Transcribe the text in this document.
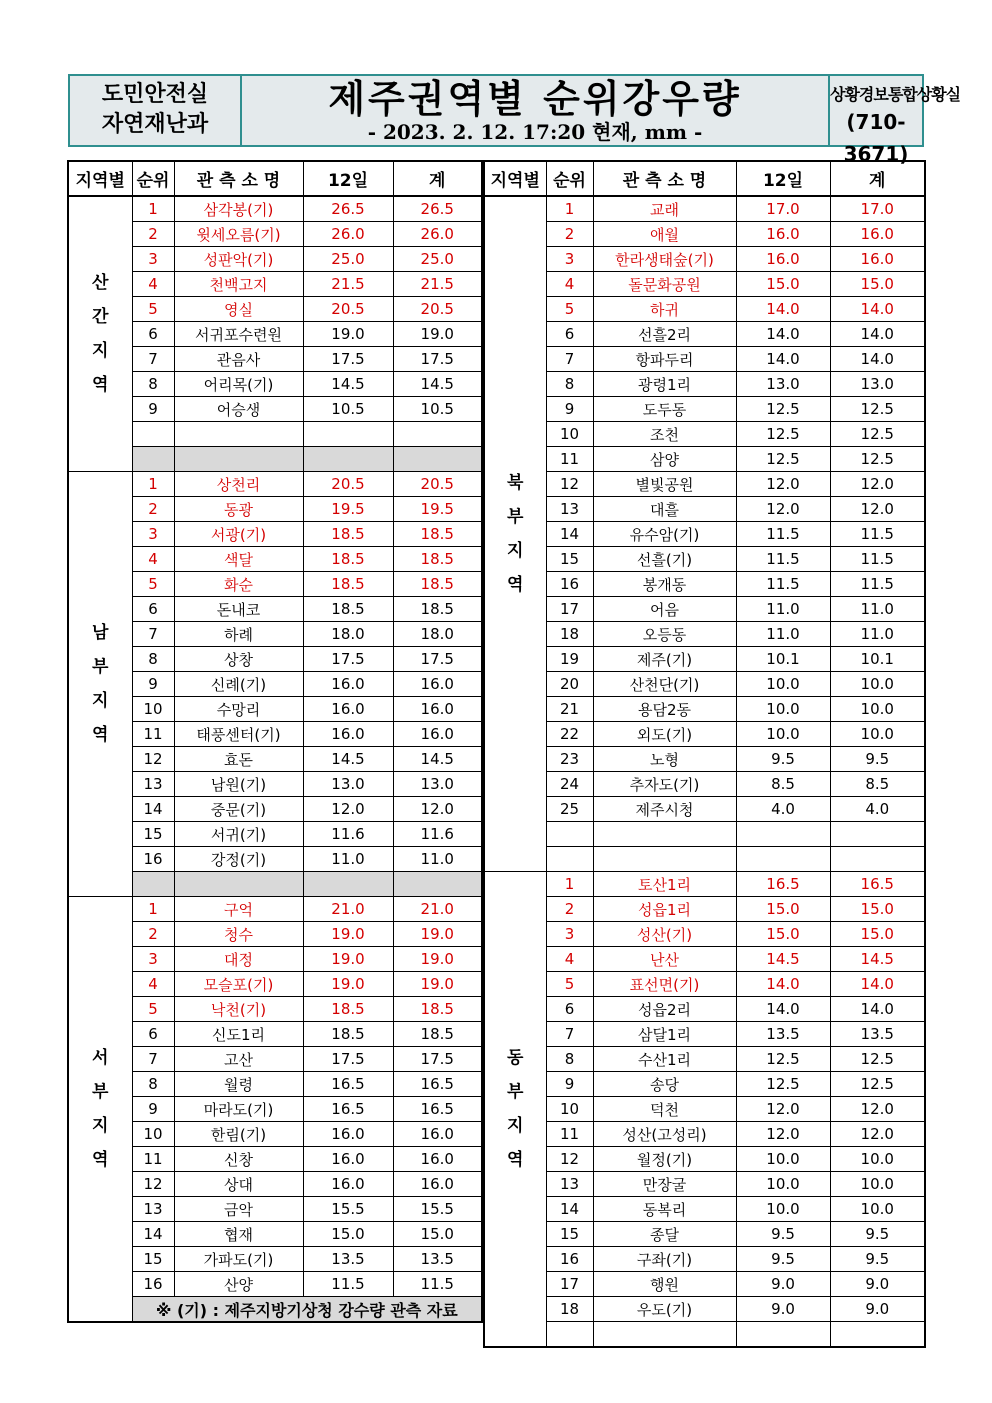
도민안전실
자연재난과
제주권역별 순위강우량
- 2023. 2. 12. 17:20 현재, mm -
상황경보통합상황실
(710-3671)
지역별	순위	관 측 소 명	12일	계
산
간
지
역	1	삼각봉(기)	26.5	26.5
	2	윗세오름(기)	26.0	26.0
	3	성판악(기)	25.0	25.0
	4	천백고지	21.5	21.5
	5	영실	20.5	20.5
	6	서귀포수련원	19.0	19.0
	7	관음사	17.5	17.5
	8	어리목(기)	14.5	14.5
	9	어승생	10.5	10.5

남
부
지
역	1	상천리	20.5	20.5
	2	동광	19.5	19.5
	3	서광(기)	18.5	18.5
	4	색달	18.5	18.5
	5	화순	18.5	18.5
	6	돈내코	18.5	18.5
	7	하례	18.0	18.0
	8	상창	17.5	17.5
	9	신례(기)	16.0	16.0
	10	수망리	16.0	16.0
	11	태풍센터(기)	16.0	16.0
	12	효돈	14.5	14.5
	13	남원(기)	13.0	13.0
	14	중문(기)	12.0	12.0
	15	서귀(기)	11.6	11.6
	16	강정(기)	11.0	11.0

서
부
지
역	1	구억	21.0	21.0
	2	청수	19.0	19.0
	3	대정	19.0	19.0
	4	모슬포(기)	19.0	19.0
	5	낙천(기)	18.5	18.5
	6	신도1리	18.5	18.5
	7	고산	17.5	17.5
	8	월령	16.5	16.5
	9	마라도(기)	16.5	16.5
	10	한림(기)	16.0	16.0
	11	신창	16.0	16.0
	12	상대	16.0	16.0
	13	금악	15.5	15.5
	14	협재	15.0	15.0
	15	가파도(기)	13.5	13.5
	16	산양	11.5	11.5
	※ (기) : 제주지방기상청 강수량 관측 자료			
지역별	순위	관 측 소 명	12일	계
북
부
지
역	1	교래	17.0	17.0
	2	애월	16.0	16.0
	3	한라생태숲(기)	16.0	16.0
	4	돌문화공원	15.0	15.0
	5	하귀	14.0	14.0
	6	선흘2리	14.0	14.0
	7	항파두리	14.0	14.0
	8	광령1리	13.0	13.0
	9	도두동	12.5	12.5
	10	조천	12.5	12.5
	11	삼양	12.5	12.5
	12	별빛공원	12.0	12.0
	13	대흘	12.0	12.0
	14	유수암(기)	11.5	11.5
	15	선흘(기)	11.5	11.5
	16	봉개동	11.5	11.5
	17	어음	11.0	11.0
	18	오등동	11.0	11.0
	19	제주(기)	10.1	10.1
	20	산천단(기)	10.0	10.0
	21	용담2동	10.0	10.0
	22	외도(기)	10.0	10.0
	23	노형	9.5	9.5
	24	추자도(기)	8.5	8.5
	25	제주시청	4.0	4.0

동
부
지
역	1	토산1리	16.5	16.5
	2	성읍1리	15.0	15.0
	3	성산(기)	15.0	15.0
	4	난산	14.5	14.5
	5	표선면(기)	14.0	14.0
	6	성읍2리	14.0	14.0
	7	삼달1리	13.5	13.5
	8	수산1리	12.5	12.5
	9	송당	12.5	12.5
	10	덕천	12.0	12.0
	11	성산(고성리)	12.0	12.0
	12	월정(기)	10.0	10.0
	13	만장굴	10.0	10.0
	14	동복리	10.0	10.0
	15	종달	9.5	9.5
	16	구좌(기)	9.5	9.5
	17	행원	9.0	9.0
	18	우도(기)	9.0	9.0
